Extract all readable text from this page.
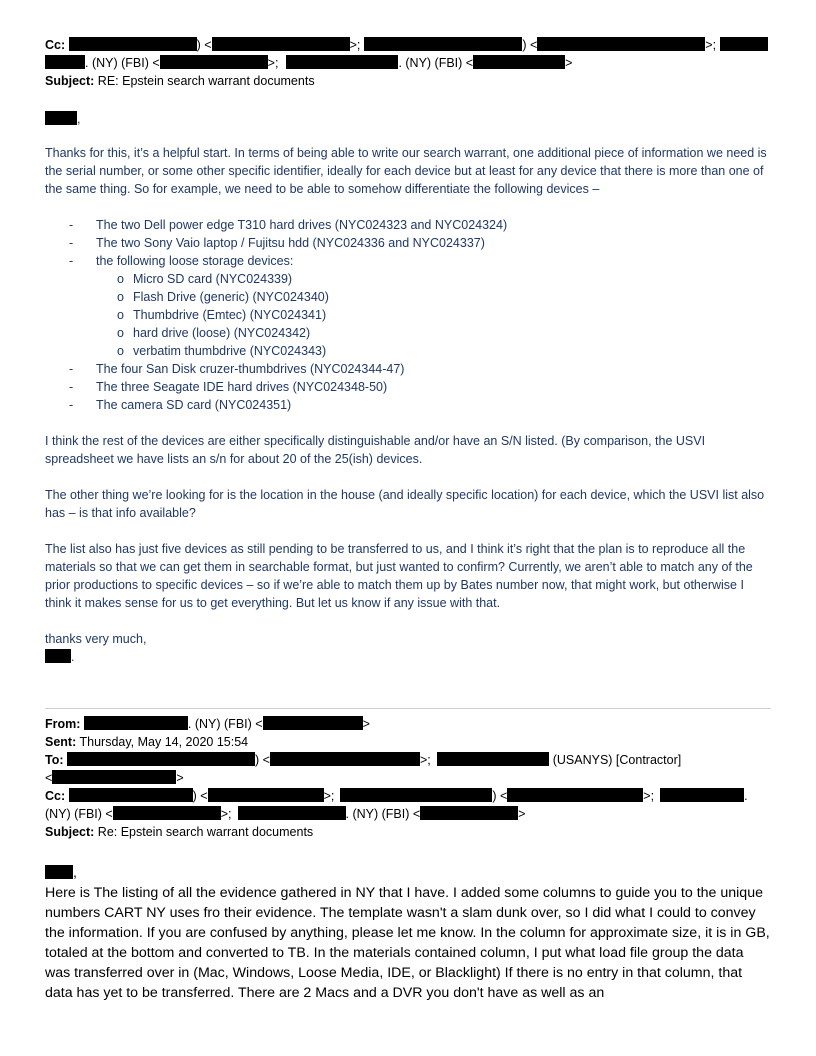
Cc:	) <	>;	) <	>;
. (NY) (FBI) <	>;	. (NY) (FBI) <	>
Subject: RE: Epstein search warrant documents

,

Thanks for this, it’s a helpful start. In terms of being able to write our search warrant, one additional piece of information we need is the serial number, or some other specific identifier, ideally for each device but at least for any device that there is more than one of the same thing. So for example, we need to be able to somehow differentiate the following devices –

- The two Dell power edge T310 hard drives (NYC024323 and NYC024324)
- The two Sony Vaio laptop / Fujitsu hdd (NYC024336 and NYC024337)
- the following loose storage devices:
o Micro SD card (NYC024339)
o Flash Drive (generic) (NYC024340)
o Thumbdrive (Emtec) (NYC024341)
o hard drive (loose) (NYC024342)
o verbatim thumbdrive (NYC024343)
- The four San Disk cruzer-thumbdrives (NYC024344-47)
- The three Seagate IDE hard drives (NYC024348-50)
- The camera SD card (NYC024351)

I think the rest of the devices are either specifically distinguishable and/or have an S/N listed. (By comparison, the USVI spreadsheet we have lists an s/n for about 20 of the 25(ish) devices.

The other thing we’re looking for is the location in the house (and ideally specific location) for each device, which the USVI list also has – is that info available?

The list also has just five devices as still pending to be transferred to us, and I think it’s right that the plan is to reproduce all the materials so that we can get them in searchable format, but just wanted to confirm? Currently, we aren’t able to match any of the prior productions to specific devices – so if we’re able to match them up by Bates number now, that might work, but otherwise I think it makes sense for us to get everything. But let us know if any issue with that.

thanks very much,

.

From:	. (NY) (FBI) <	>
Sent: Thursday, May 14, 2020 15:54
To:	) <	>;	(USANYS) [Contractor]
<	>
Cc:	) <	>;	) <	>;	.
(NY) (FBI) <	>;	. (NY) (FBI) <	>
Subject: Re: Epstein search warrant documents

,

Here is The listing of all the evidence gathered in NY that I have. I added some columns to guide you to the unique numbers CART NY uses fro their evidence. The template wasn't a slam dunk over, so I did what I could to convey the information. If you are confused by anything, please let me know. In the column for approximate size, it is in GB, totaled at the bottom and converted to TB. In the materials contained column, I put what load file group the data was transferred over in (Mac, Windows, Loose Media, IDE, or Blacklight) If there is no entry in that column, that data has yet to be transferred. There are 2 Macs and a DVR you don't have as well as an
